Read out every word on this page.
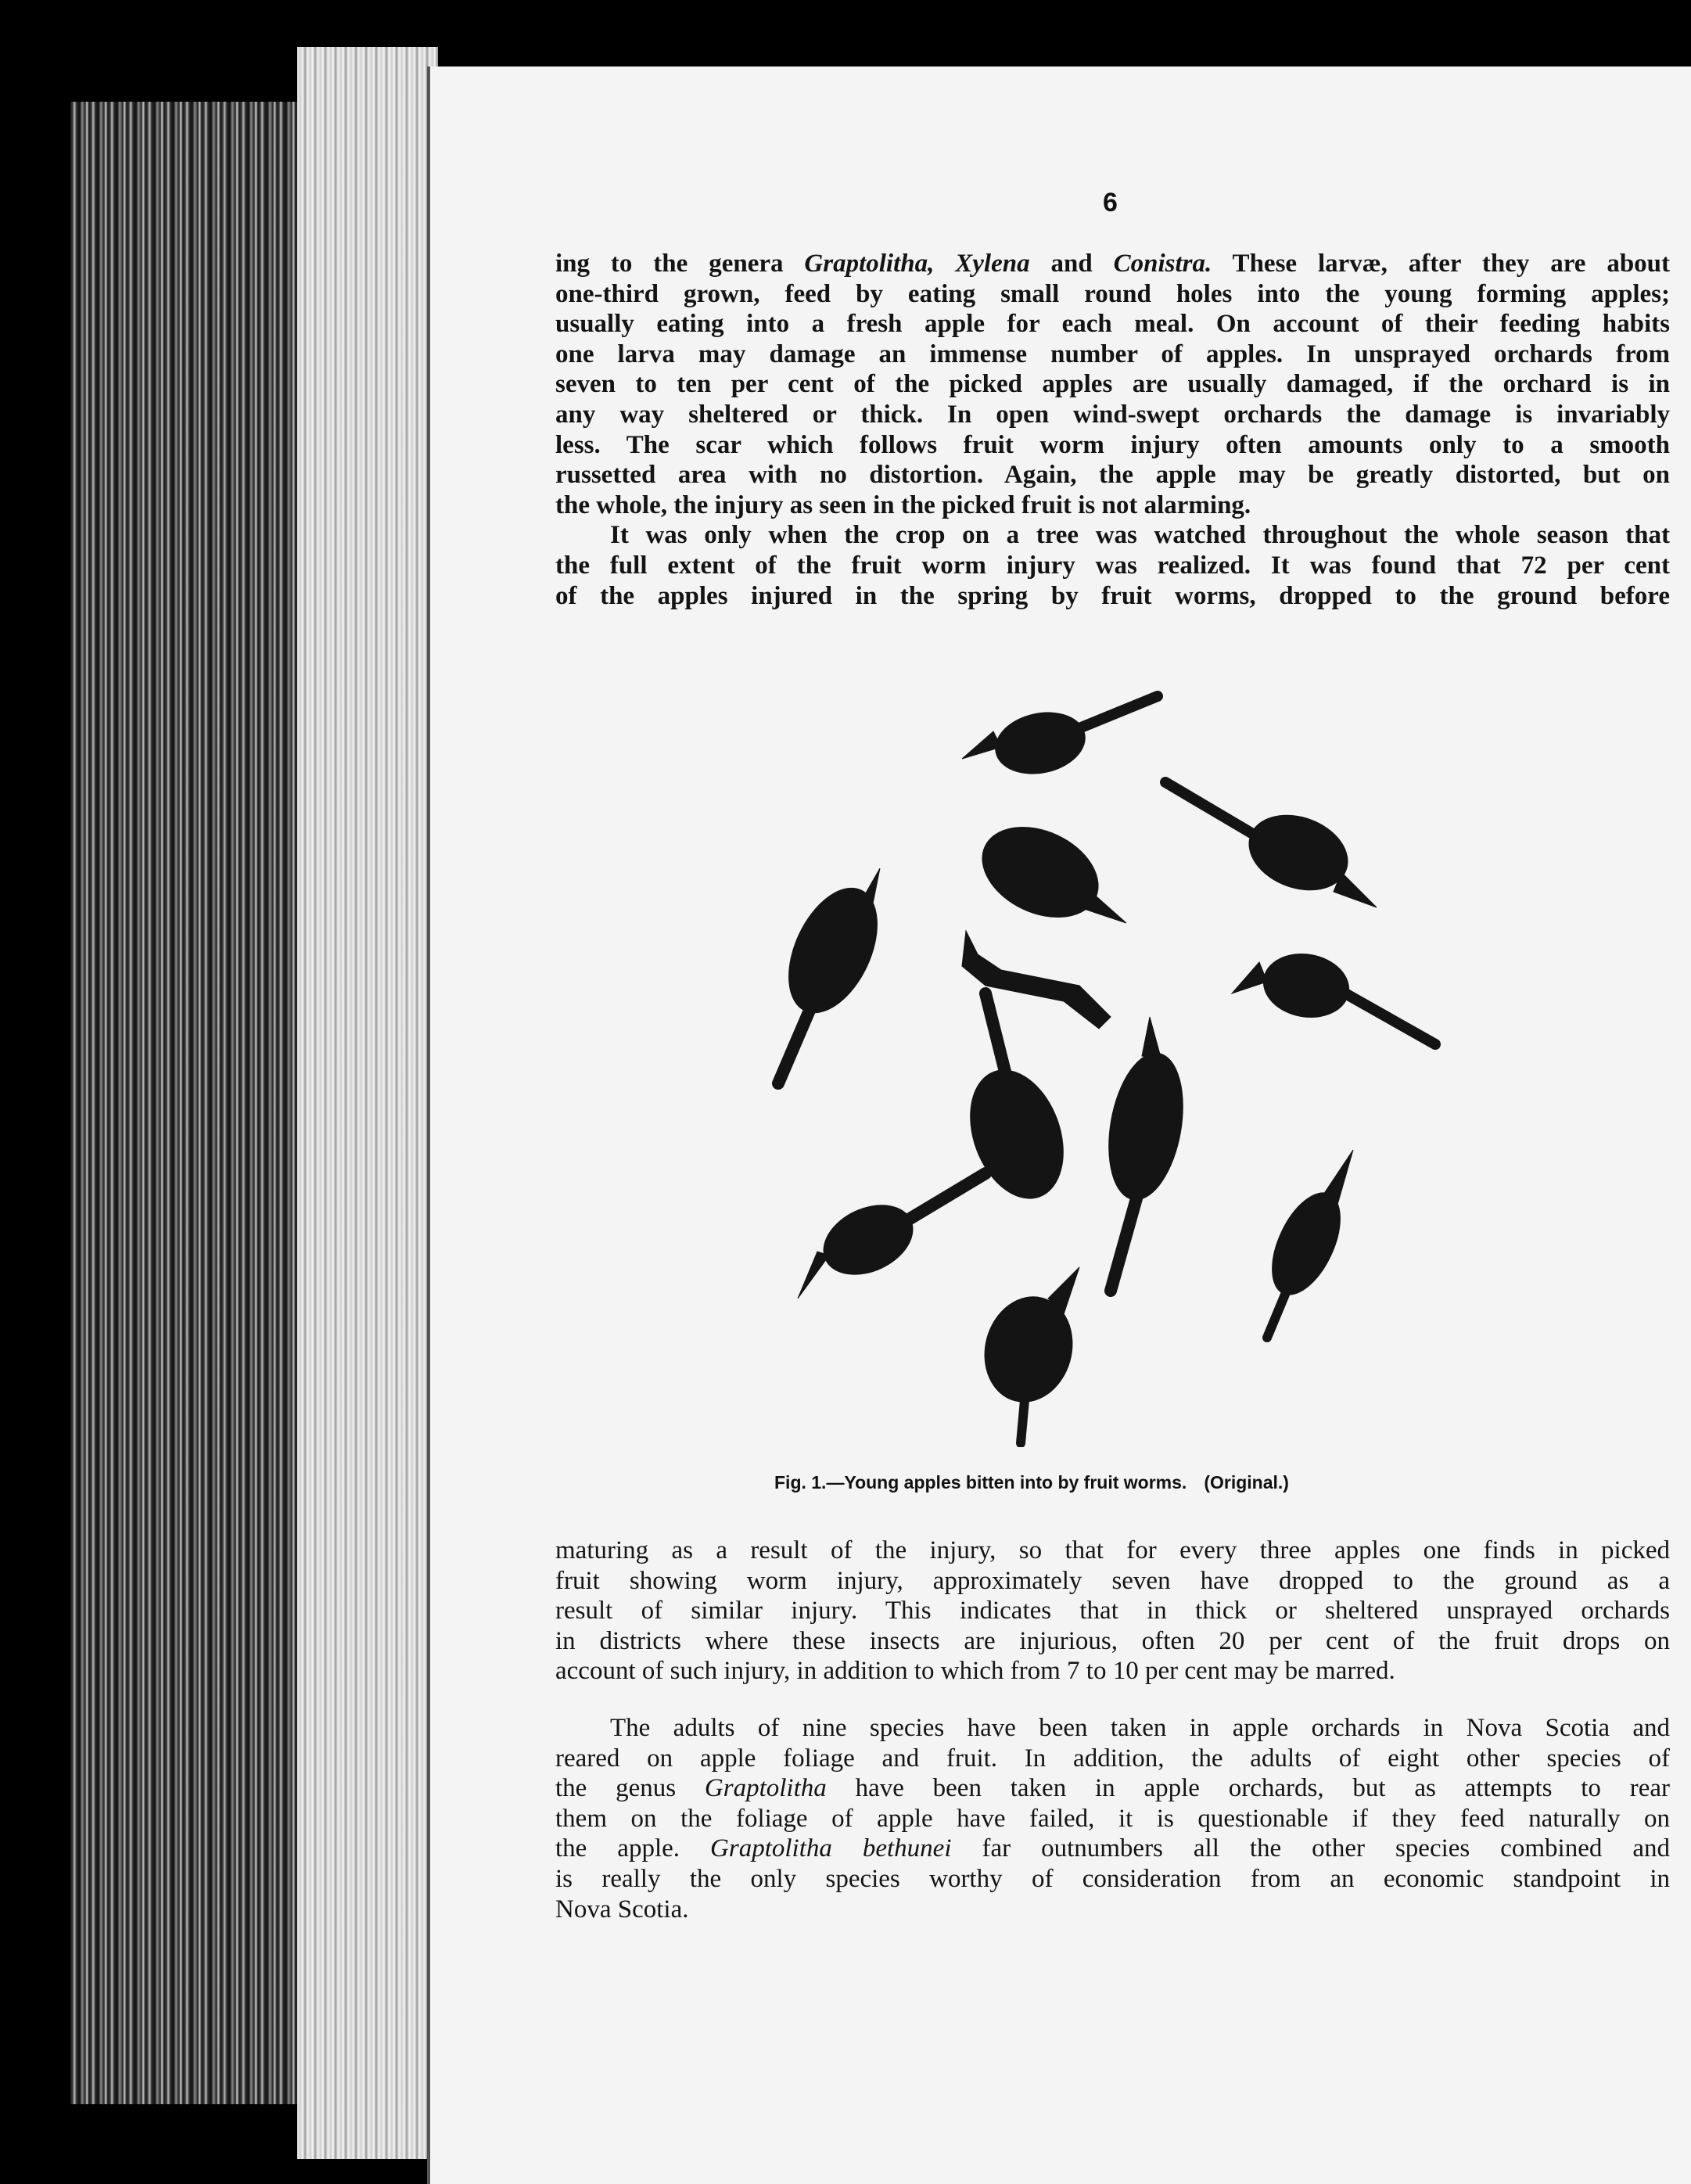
6
ing to the genera Graptolitha, Xylena and Conistra. These larvæ, after they are about
one-third grown, feed by eating small round holes into the young forming apples;
usually eating into a fresh apple for each meal. On account of their feeding habits
one larva may damage an immense number of apples. In unsprayed orchards from
seven to ten per cent of the picked apples are usually damaged, if the orchard is in
any way sheltered or thick. In open wind-swept orchards the damage is invariably
less. The scar which follows fruit worm injury often amounts only to a smooth
russetted area with no distortion. Again, the apple may be greatly distorted, but on
the whole, the injury as seen in the picked fruit is not alarming.
It was only when the crop on a tree was watched throughout the whole season that
the full extent of the fruit worm injury was realized. It was found that 72 per cent
of the apples injured in the spring by fruit worms, dropped to the ground before
Fig. 1.—Young apples bitten into by fruit worms. (Original.)
maturing as a result of the injury, so that for every three apples one finds in picked
fruit showing worm injury, approximately seven have dropped to the ground as a
result of similar injury. This indicates that in thick or sheltered unsprayed orchards
in districts where these insects are injurious, often 20 per cent of the fruit drops on
account of such injury, in addition to which from 7 to 10 per cent may be marred.
The adults of nine species have been taken in apple orchards in Nova Scotia and
reared on apple foliage and fruit. In addition, the adults of eight other species of
the genus Graptolitha have been taken in apple orchards, but as attempts to rear
them on the foliage of apple have failed, it is questionable if they feed naturally on
the apple. Graptolitha bethunei far outnumbers all the other species combined and
is really the only species worthy of consideration from an economic standpoint in
Nova Scotia.
